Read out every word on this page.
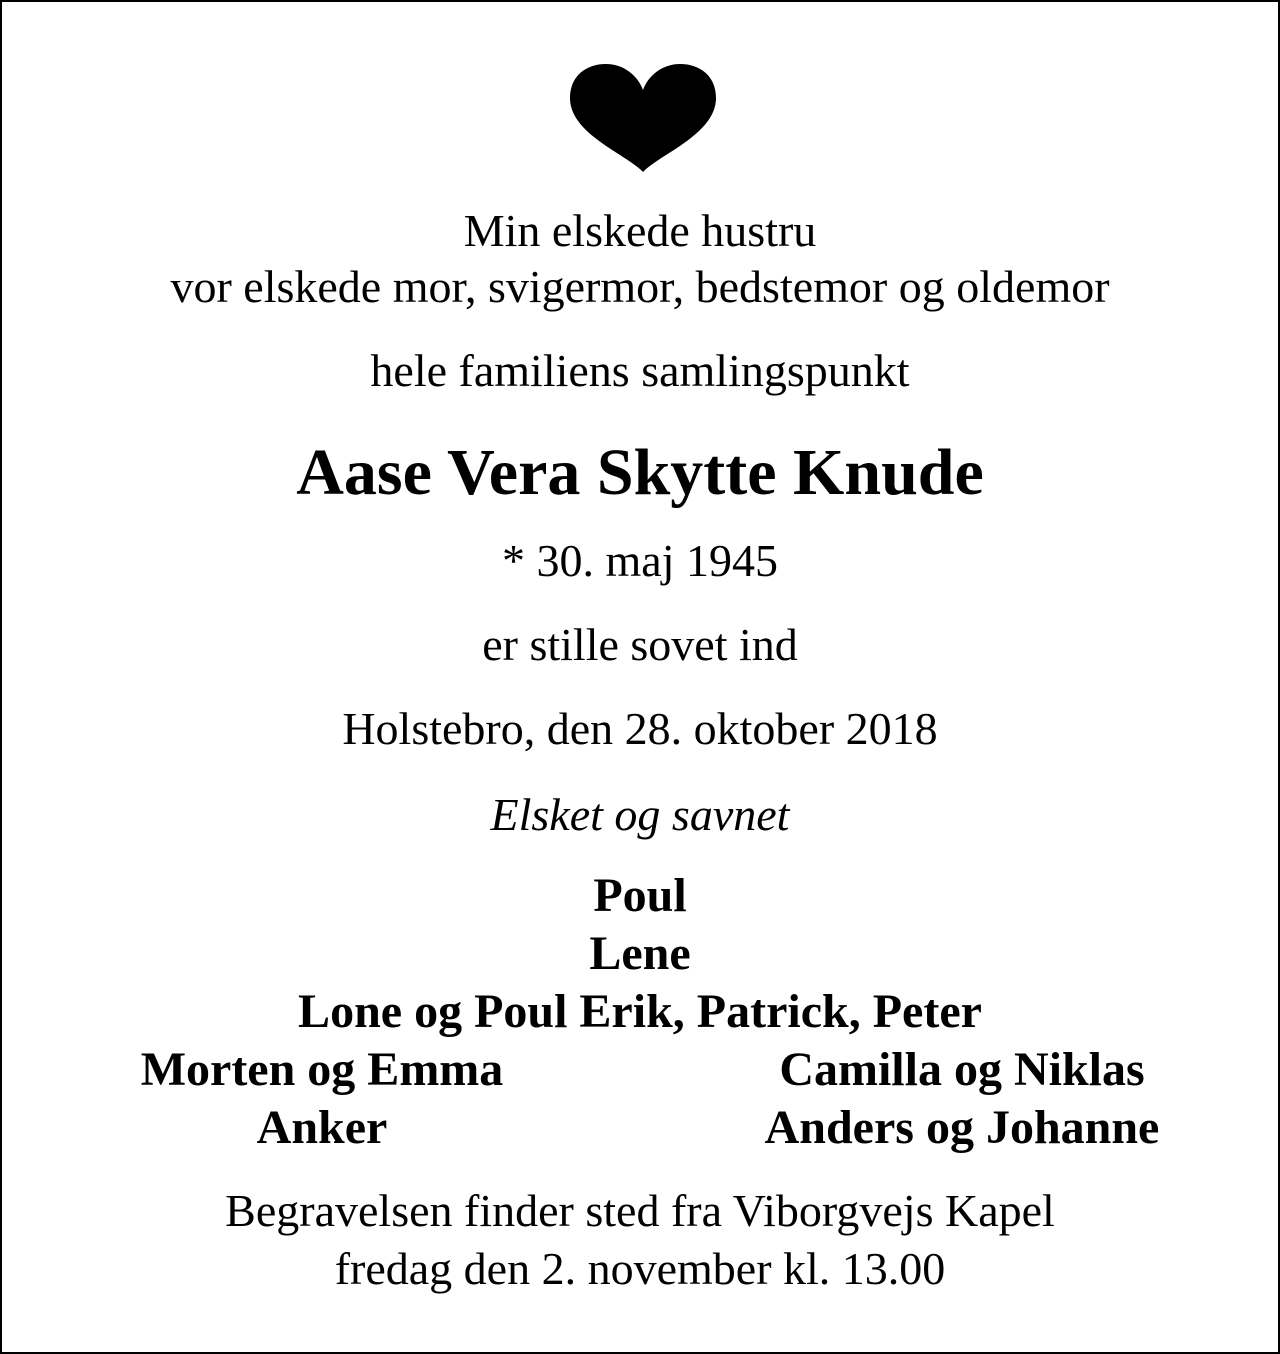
Min elskede hustru
vor elskede mor, svigermor, bedstemor og oldemor
hele familiens samlingspunkt
Aase Vera Skytte Knude
* 30. maj 1945
er stille sovet ind
Holstebro, den 28. oktober 2018
Elsket og savnet
Poul
Lene
Lone og Poul Erik, Patrick, Peter
Morten og Emma
Anker
Camilla og Niklas
Anders og Johanne
Begravelsen finder sted fra Viborgvejs Kapel
fredag den 2. november kl. 13.00
